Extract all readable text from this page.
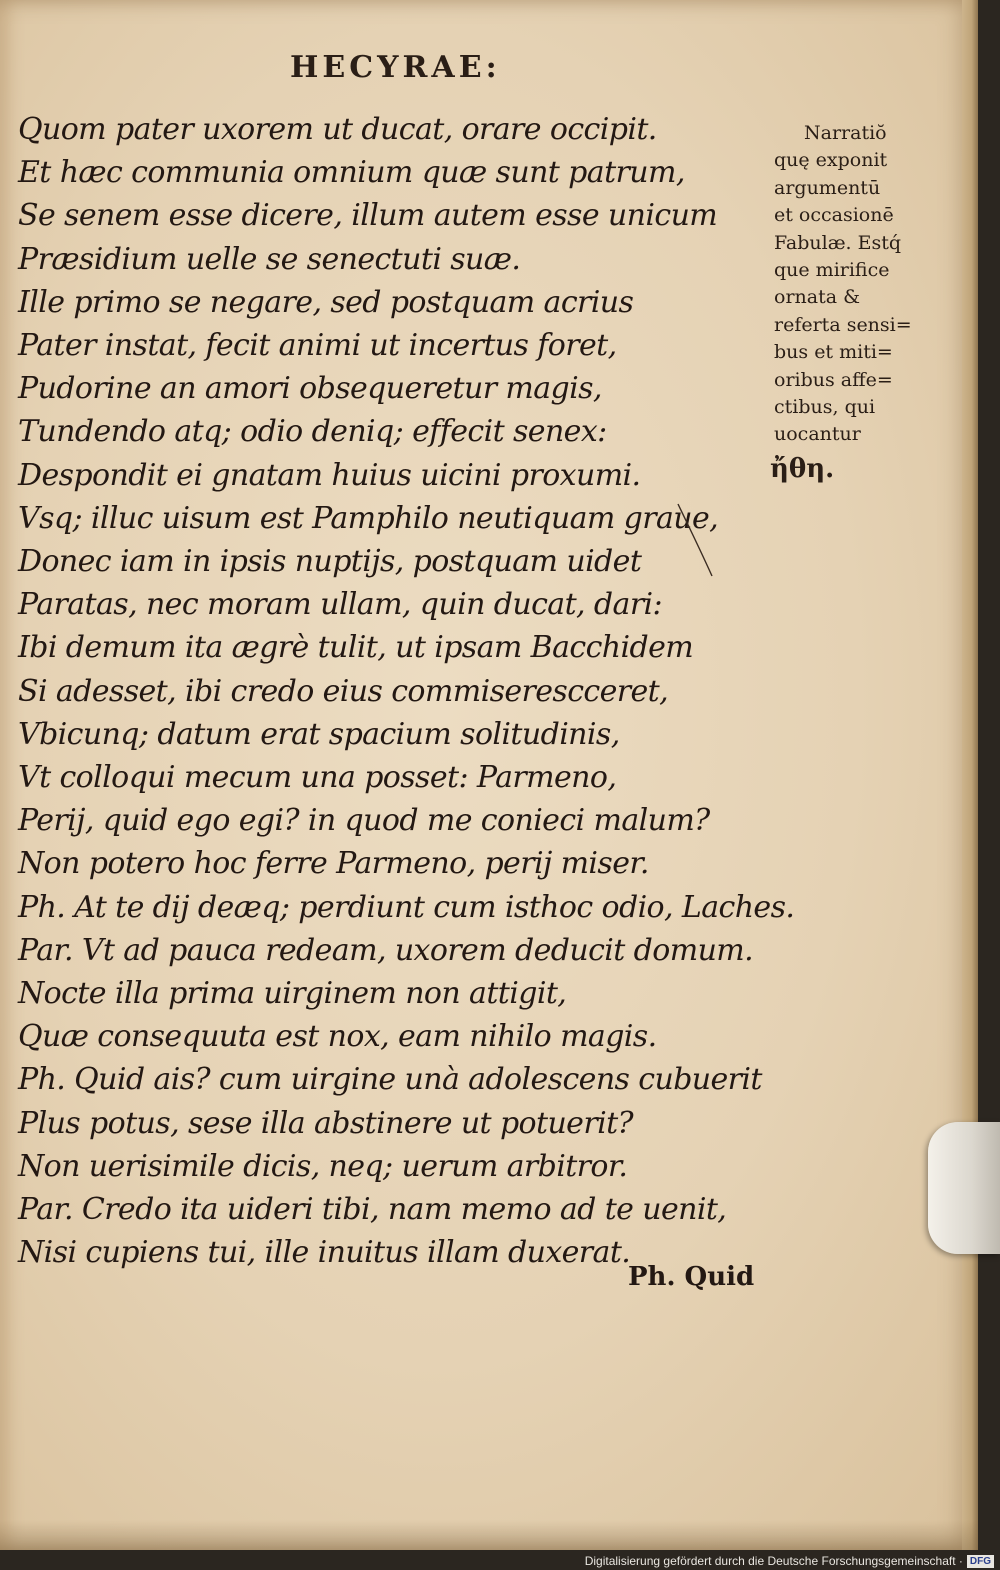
HECYRAE:

Quom pater uxorem ut ducat, orare occipit.
Et hæc communia omnium quæ sunt patrum,
Se senem esse dicere, illum autem esse unicum
Præsidium uelle se senectuti suæ.
Ille primo se negare, sed postquam acrius
Pater instat, fecit animi ut incertus foret,
Pudorine an amori obsequeretur magis,
Tundendo atq; odio deniq; effecit senex:
Despondit ei gnatam huius uicini proxumi.
Vsq; illuc uisum est Pamphilo neutiquam graue,
Donec iam in ipsis nuptijs, postquam uidet
Paratas, nec moram ullam, quin ducat, dari:
Ibi demum ita ægrè tulit, ut ipsam Bacchidem
Si adesset, ibi credo eius commiserescceret,
Vbicunq; datum erat spacium solitudinis,
Vt colloqui mecum una posset: Parmeno,
Perij, quid ego egi? in quod me conieci malum?
Non potero hoc ferre Parmeno, perij miser.
Ph. At te dij deæq; perdiunt cum isthoc odio, Laches.
Par. Vt ad pauca redeam, uxorem deducit domum.
Nocte illa prima uirginem non attigit,
Quæ consequuta est nox, eam nihilo magis.
Ph. Quid ais? cum uirgine unà adolescens cubuerit
Plus potus, sese illa abstinere ut potuerit?
Non uerisimile dicis, neq; uerum arbitror.
Par. Credo ita uideri tibi, nam memo ad te uenit,
Nisi cupiens tui, ille inuitus illam duxerat.
Narratiŏ
quę exponit
argumentū
et occasionē
Fabulæ. Estq́
que mirifice
ornata &
referta sensi=
bus et miti=
oribus affe=
ctibus, qui
uocantur

ἤθη.

Ph. Quid

Digitalisierung gefördert durch die Deutsche Forschungsgemeinschaft · DFG
